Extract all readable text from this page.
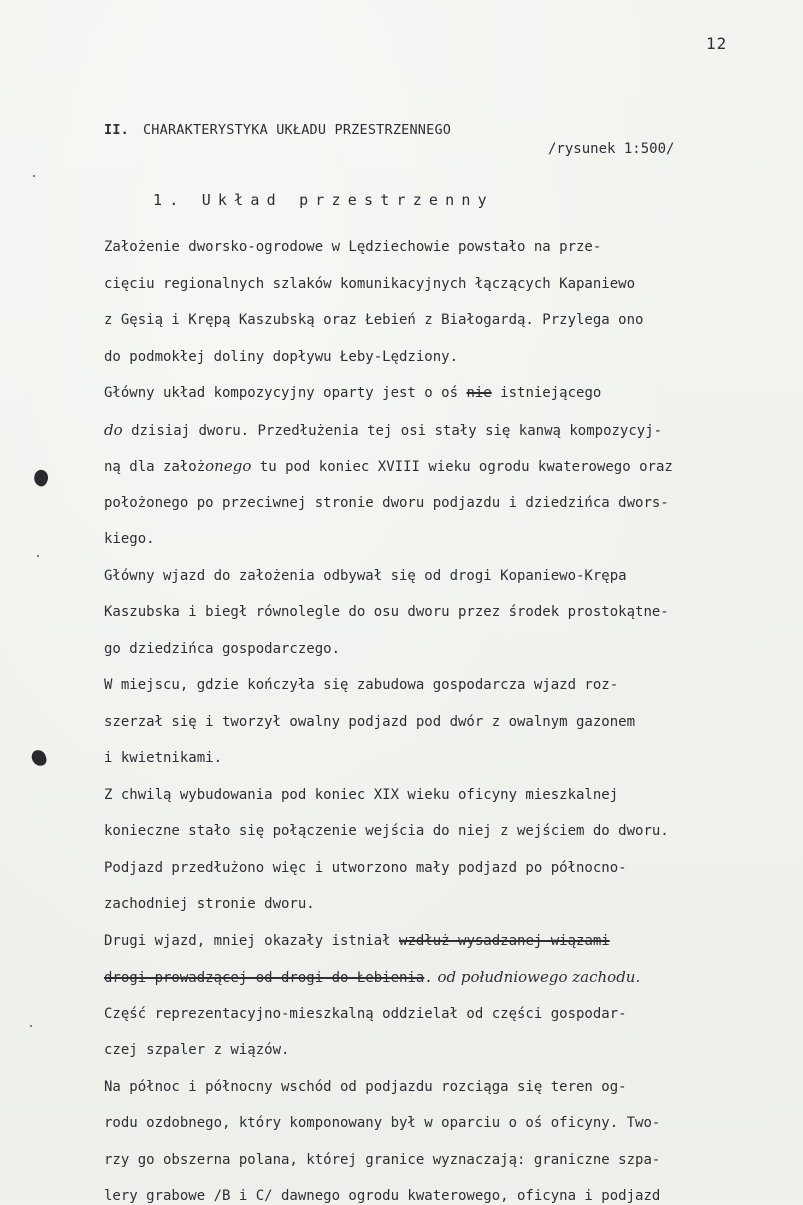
12
II. CHARAKTERYSTYKA UKŁADU PRZESTRZENNEGO
/rysunek 1:500/
1. Układ przestrzenny
Założenie dworsko-ogrodowe w Lędziechowie powstało na prze-
cięciu regionalnych szlaków komunikacyjnych łączących Kapaniewo
z Gęsią i Krępą Kaszubską oraz Łebień z Białogardą. Przylega ono
do podmokłej doliny dopływu Łeby-Lędziony.
Główny układ kompozycyjny oparty jest o oś nie istniejącego
do dzisiaj dworu. Przedłużenia tej osi stały się kanwą kompozycyj-
ną dla założonego tu pod koniec XVIII wieku ogrodu kwaterowego oraz
położonego po przeciwnej stronie dworu podjazdu i dziedzińca dwors-
kiego.
Główny wjazd do założenia odbywał się od drogi Kopaniewo-Krępa
Kaszubska i biegł równolegle do osu dworu przez środek prostokątne-
go dziedzińca gospodarczego.
W miejscu, gdzie kończyła się zabudowa gospodarcza wjazd roz-
szerzał się i tworzył owalny podjazd pod dwór z owalnym gazonem
i kwietnikami.
Z chwilą wybudowania pod koniec XIX wieku oficyny mieszkalnej
konieczne stało się połączenie wejścia do niej z wejściem do dworu.
Podjazd przedłużono więc i utworzono mały podjazd po północno-
zachodniej stronie dworu.
Drugi wjazd, mniej okazały istniał wzdłuż wysadzanej wiązami
drogi prowadzącej od drogi do Łebienia. od południowego zachodu.
Część reprezentacyjno-mieszkalną oddzielał od części gospodar-
czej szpaler z wiązów.
Na północ i północny wschód od podjazdu rozciąga się teren og-
rodu ozdobnego, który komponowany był w oparciu o oś oficyny. Two-
rzy go obszerna polana, której granice wyznaczają: graniczne szpa-
lery grabowe /B i C/ dawnego ogrodu kwaterowego, oficyna i podjazd
